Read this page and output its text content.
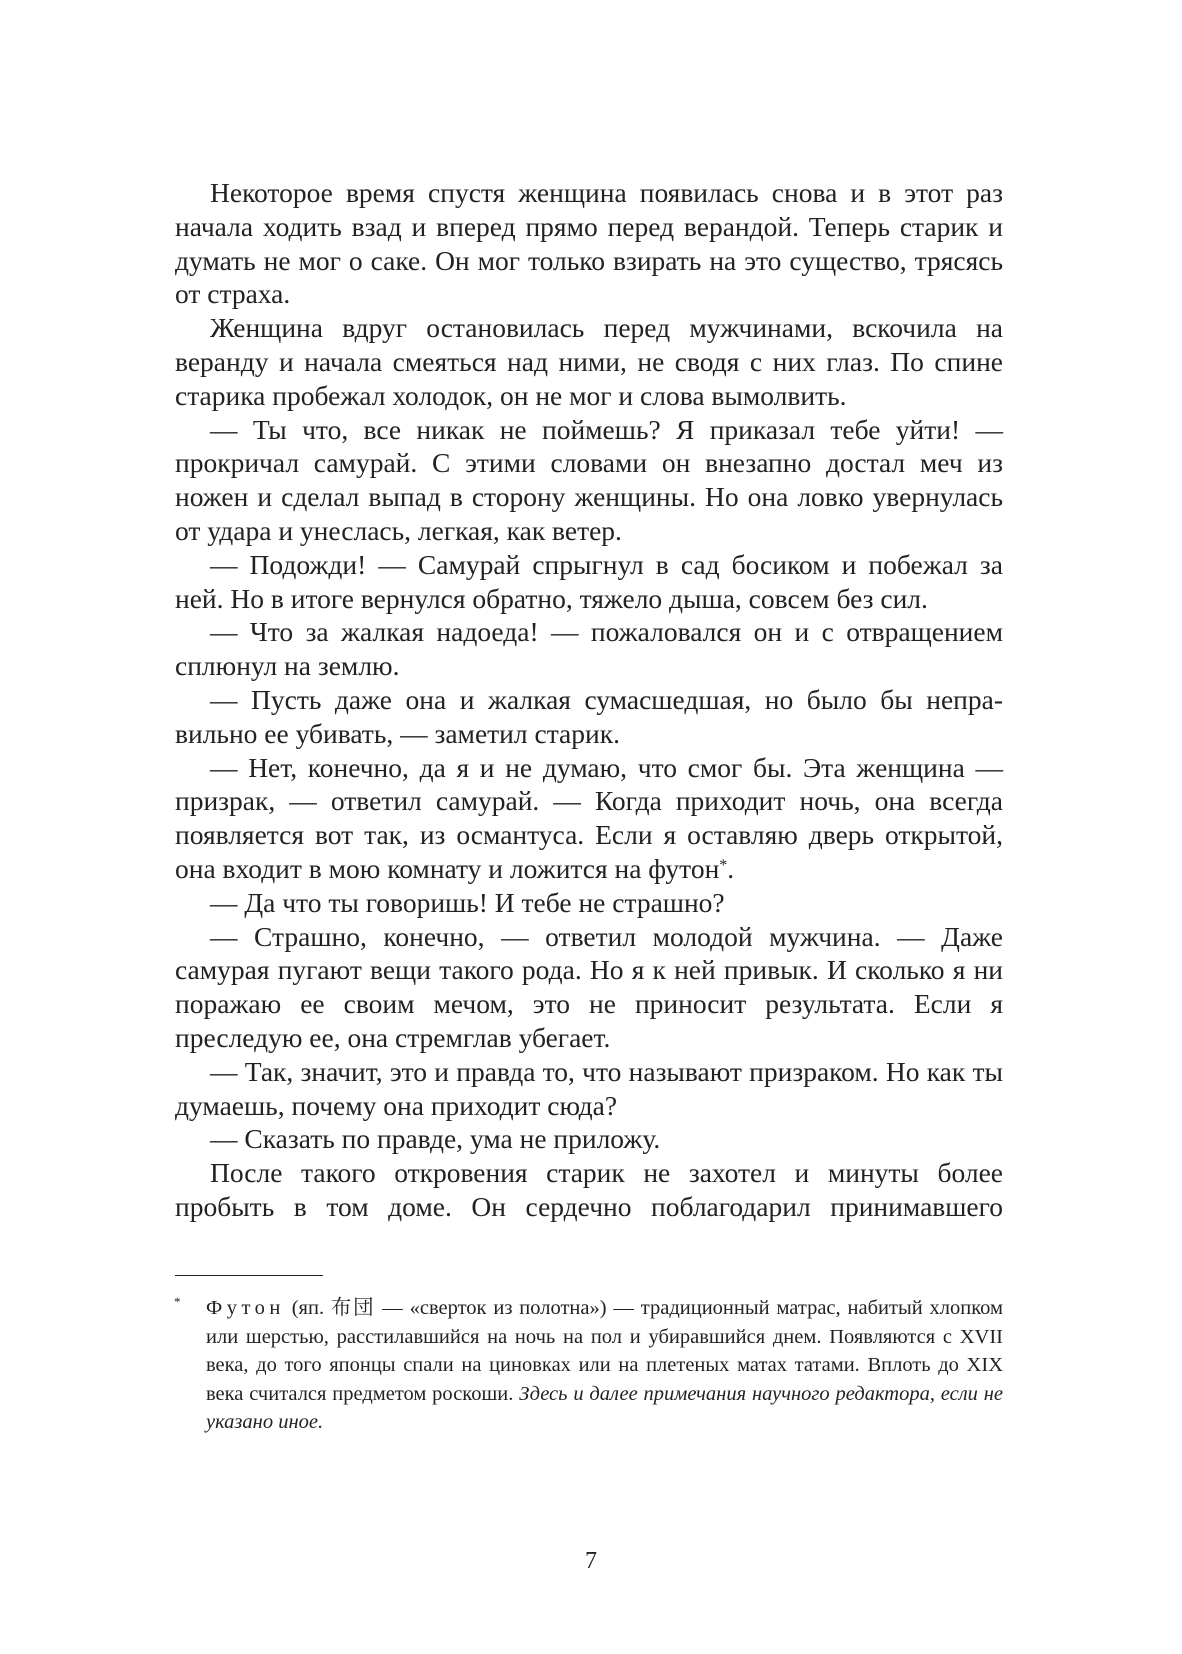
Некоторое время спустя женщина появилась снова и в этот раз начала ходить взад и вперед прямо перед верандой. Теперь старик и думать не мог о саке. Он мог только взирать на это существо, трясясь от страха.

Женщина вдруг остановилась перед мужчинами, вскочила на веранду и начала смеяться над ними, не сводя с них глаз. По спине старика пробежал холодок, он не мог и слова вымолвить.

— Ты что, все никак не поймешь? Я приказал тебе уйти! — прокричал самурай. С этими словами он внезапно достал меч из ножен и сделал выпад в сторону женщины. Но она ловко увернулась от удара и унеслась, легкая, как ветер.

— Подожди! — Самурай спрыгнул в сад босиком и побежал за ней. Но в итоге вернулся обратно, тяжело дыша, совсем без сил.

— Что за жалкая надоеда! — пожаловался он и с отвращением сплюнул на землю.

— Пусть даже она и жалкая сумасшедшая, но было бы неправильно ее убивать, — заметил старик.

— Нет, конечно, да я и не думаю, что смог бы. Эта женщина — призрак, — ответил самурай. — Когда приходит ночь, она всегда появляется вот так, из османтуса. Если я оставляю дверь открытой, она входит в мою комнату и ложится на футон*.

— Да что ты говоришь! И тебе не страшно?

— Страшно, конечно, — ответил молодой мужчина. — Даже самурая пугают вещи такого рода. Но я к ней привык. И сколько я ни поражаю ее своим мечом, это не приносит результата. Если я преследую ее, она стремглав убегает.

— Так, значит, это и правда то, что называют призраком. Но как ты думаешь, почему она приходит сюда?

— Сказать по правде, ума не приложу.

После такого откровения старик не захотел и минуты более пробыть в том доме. Он сердечно поблагодарил принимавшего

* Футон (яп. 布団 — «сверток из полотна») — традиционный матрас, набитый хлопком или шерстью, расстилавшийся на ночь на пол и убиравшийся днем. Появляются с XVII века, до того японцы спали на циновках или на плетеных матах татами. Вплоть до XIX века считался предметом роскоши. Здесь и далее примечания научного редактора, если не указано иное.

7
